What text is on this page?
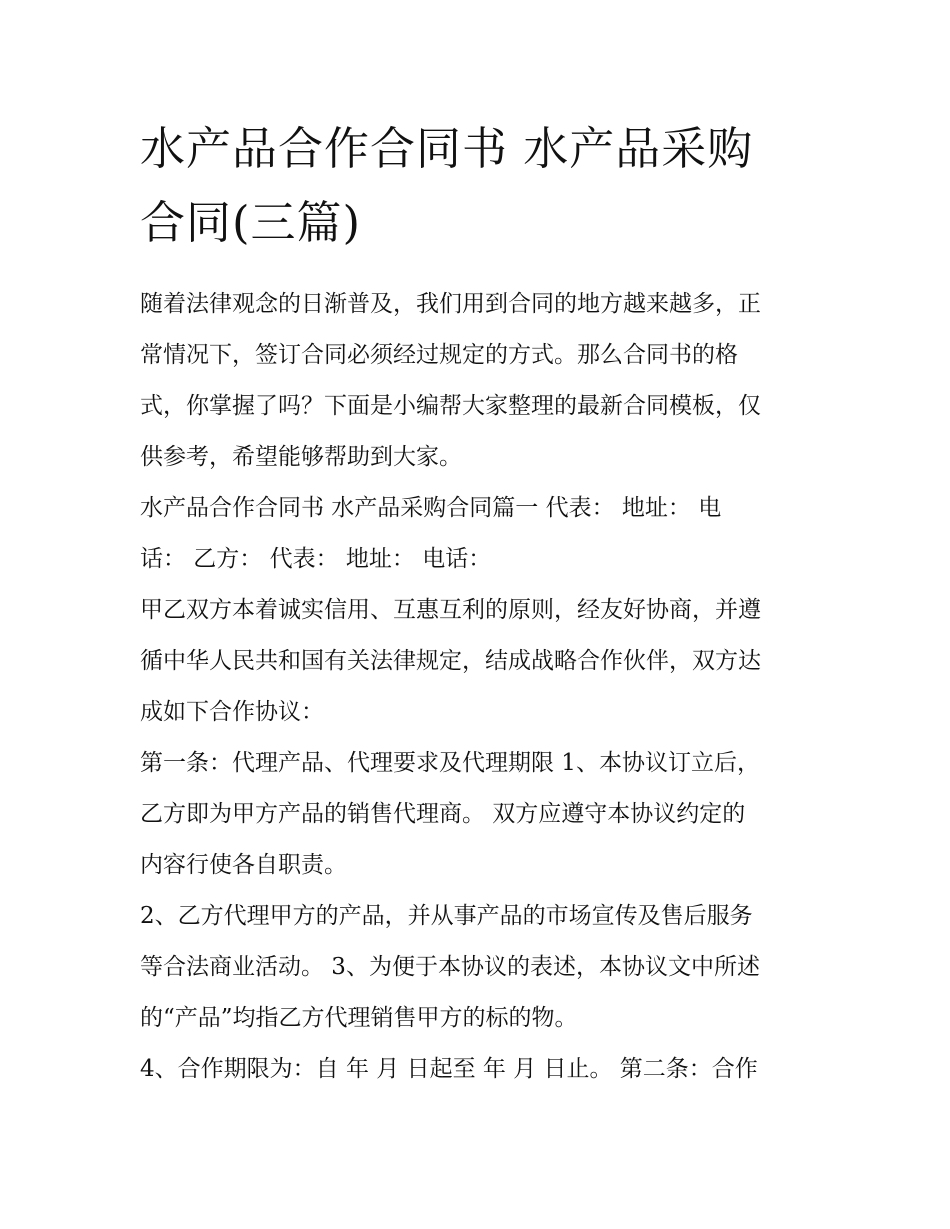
水产品合作合同书 水产品采购
合同(三篇)
随着法律观念的日渐普及，我们用到合同的地方越来越多，正
常情况下，签订合同必须经过规定的方式。那么合同书的格
式，你掌握了吗？下面是小编帮大家整理的最新合同模板，仅
供参考，希望能够帮助到大家。
水产品合作合同书 水产品采购合同篇一 代表： 地址： 电
话： 乙方： 代表： 地址： 电话：
甲乙双方本着诚实信用、互惠互利的原则，经友好协商，并遵
循中华人民共和国有关法律规定，结成战略合作伙伴，双方达
成如下合作协议：
第一条：代理产品、代理要求及代理期限 1、本协议订立后，
乙方即为甲方产品的销售代理商。 双方应遵守本协议约定的
内容行使各自职责。
2、乙方代理甲方的产品，并从事产品的市场宣传及售后服务
等合法商业活动。 3、为便于本协议的表述，本协议文中所述
的“产品”均指乙方代理销售甲方的标的物。
4、合作期限为：自 年 月 日起至 年 月 日止。 第二条：合作
